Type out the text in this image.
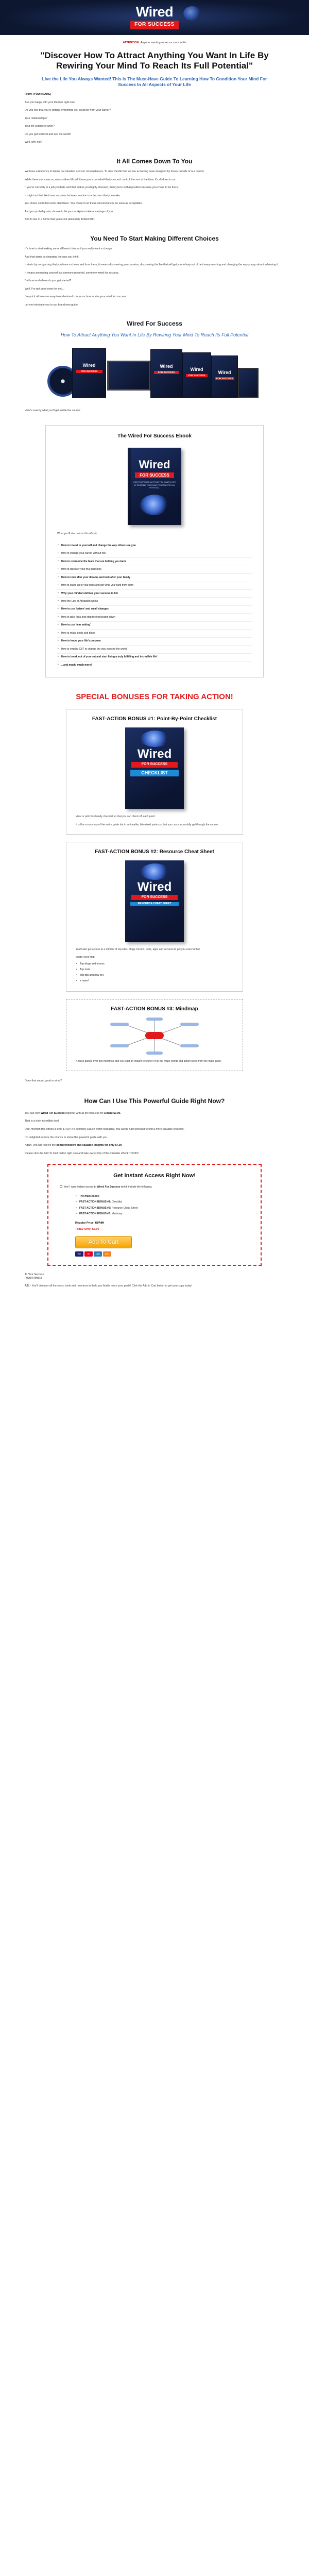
Wired
FOR SUCCESS
ATTENTION: Anyone wanting more success in life
"Discover How To Attract Anything You Want In Life By Rewiring Your Mind To Reach Its Full Potential"
Live the Life You Always Wanted! This is The Must-Have Guide To Learning How To Condition Your Mind For Success In All Aspects of Your Life
From: [YOUR NAME]
Are you happy with your lifestyle right now
Do you feel that you're getting everything you could be from your career?
Your relationships?
Your life outside of work?
Do you get to travel and see the world?
Well, why not?
It All Comes Down To You
We have a tendency to blame our situation and our circumstances. To view the life that we live as having been designed by forces outside of our control.
While there are some occasions when life will throw you a curveball that you can't control, the rest of the time, it's all down to us.
If you're currently in a job you hate and that makes you highly stressed, then you're in that position because you chose to be there.
It might not feel like it was a choice but even inaction is a decision that you make.
You chose not to find work elsewhere. You chose to let these circumstances be seen as acceptable.
And you probably also choose to let your workplace take advantage of you.
And to live in a home that you're not absolutely thrilled with.
You Need To Start Making Different Choices
It's time to start making some different choices if you really want a change.
And that starts by changing the way you think.
It starts by recognizing that you have a choice and from there, it means discovering your passion, discovering the fire that will get you to leap out of bed every morning and changing the way you go about achieving it.
It means presenting yourself as someone powerful, someone wired for success.
But how and where do you get started?
Well, I've got good news for you...
I've put it all into one easy-to-understand course on how to wire your mind for success.
Let me introduce you to our brand new guide:
Wired For Success
How To Attract Anything You Want In Life By Rewiring Your Mind To Reach Its Full Potential
Wired
FOR SUCCESS
Wired
FOR SUCCESS
Wired
FOR SUCCESS
Wired
FOR SUCCESS
Here's exactly what you'll get inside the course:
The Wired For Success Ebook
Wired
FOR SUCCESS
HOW TO ATTRACT ANYTHING YOU WANT IN LIFE BY REWIRING YOUR MIND TO REACH ITS FULL POTENTIAL
What you'll discover in this eBook:
• How to invest in yourself and change the way others see you
• How to change your career without risk
• How to overcome the fears that are holding you back
• How to discover your true passions
• How to look after your dreams and look after your family
• How to stand up to your boss and get what you want from them
• Why your mindset defines your success in life
• How the Law of Attraction works
• How to use 'kaizen' and small changes
• How to take risks and stop feeling beaten down
• How to use 'fear setting'
• How to make goals and plans
• How to know your life's purpose
• How to employ CBT to change the way you see the world
• How to break out of your rut and start living a truly fulfilling and incredible life!
• ...and much, much more!
SPECIAL BONUSES FOR TAKING ACTION!
FAST-ACTION BONUS #1: Point-By-Point Checklist
Wired
FOR SUCCESS
CHECKLIST
View or print this handy checklist so that you can check off each point.
It is like a summary of the entire guide but in actionable, bite-sized points so that you can successfully get through the course.
FAST-ACTION BONUS #2: Resource Cheat Sheet
Wired
FOR SUCCESS
RESOURCE CHEAT SHEET
You'll also get access to a rolodex of top sites, blogs, forums, tools, apps and services to get you even further.
Inside you'll find:
• Top blogs and forums
• Top tools
• Top tips and how to's
• + more!
FAST-ACTION BONUS #3: Mindmap
A quick glance over this mindmap and you'll get an instant refresher of all the major points and action steps from the main guide.
Does that sound good or what?
How Can I Use This Powerful Guide Right Now?
You can own Wired For Success together with all the bonuses for a mere $7.00.
That is a truly incredible deal!
Did I mention this eBook is only $7.00? It's definitely a push worth repeating. You will be hard-pressed to find a more valuable resource.
I'm delighted to have the chance to share this powerful guide with you.
Again, you will receive the comprehensive and valuable insights for only $7.00
Please click the Add To Cart button right now and take ownership of this valuable eBook TODAY!
Get Instant Access Right Now!
Yes! I want instant access to Wired For Success which include the following:
• The main eBook
• FAST-ACTION BONUS #1: Checklist
• FAST-ACTION BONUS #2: Resource Cheat Sheet
• FAST-ACTION BONUS #3: Mindmap
Regular Price: $27.00
Today Only: $7.00
Add To Cart
VISA	MC	AMEX	DISC
To Your Success,
[YOUR NAME]
P.S. - You'll discover all the steps, tools and resources to help you finally reach your goals! Click the Add to Cart button to get your copy today!
